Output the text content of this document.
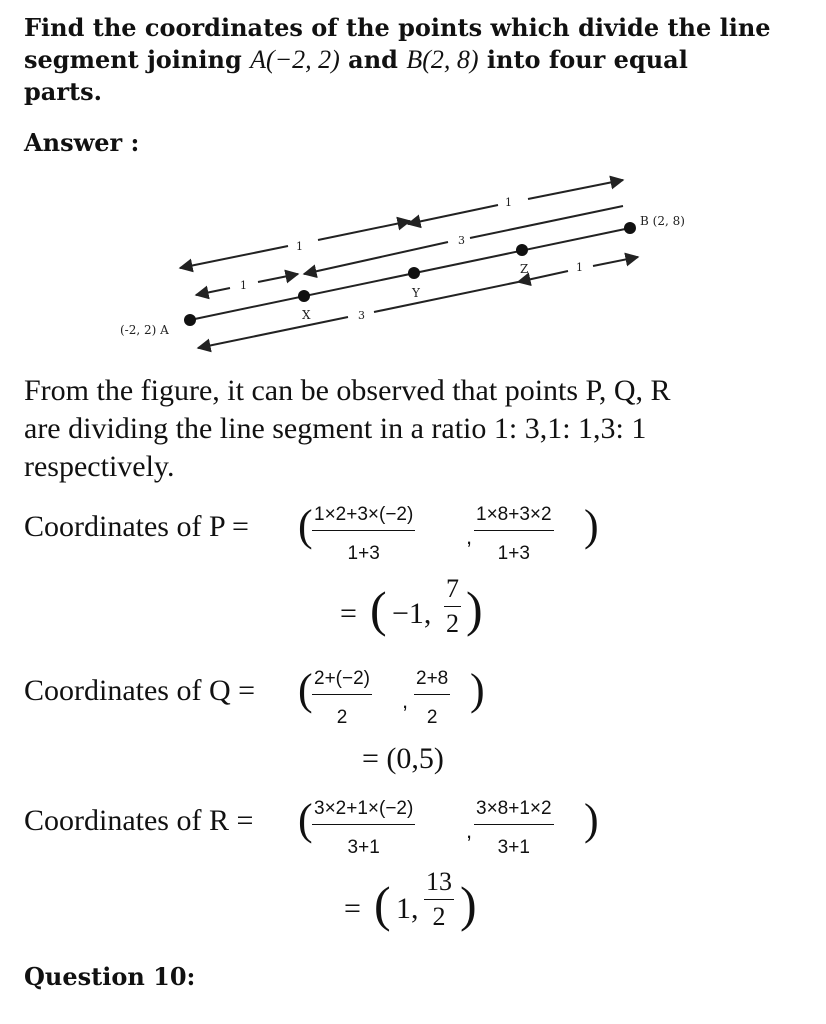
Find the coordinates of the points which divide the line
segment joining A(−2, 2) and B(2, 8) into four equal
parts.
Answer :
(-2, 2) A
B (2, 8)
X
Y
Z
1
1
3
1
3
1
From the figure, it can be observed that points P, Q, R
are dividing the line segment in a ratio 1: 3,1: 1,3: 1
respectively.
Coordinates of P = ( $\frac{1\times 2+3\times(-2)}{1+3}$ , $\frac{1\times 8+3\times 2}{1+3}$ )
= ( −1, $\frac{7}{2}$ )
Coordinates of Q = ( $\frac{2+(-2)}{2}$ , $\frac{2+8}{2}$ )
= (0,5)
Coordinates of R = ( $\frac{3\times 2+1\times(-2)}{3+1}$ , $\frac{3\times 8+1\times 2}{3+1}$ )
= ( 1, $\frac{13}{2}$ )
Question 10:
